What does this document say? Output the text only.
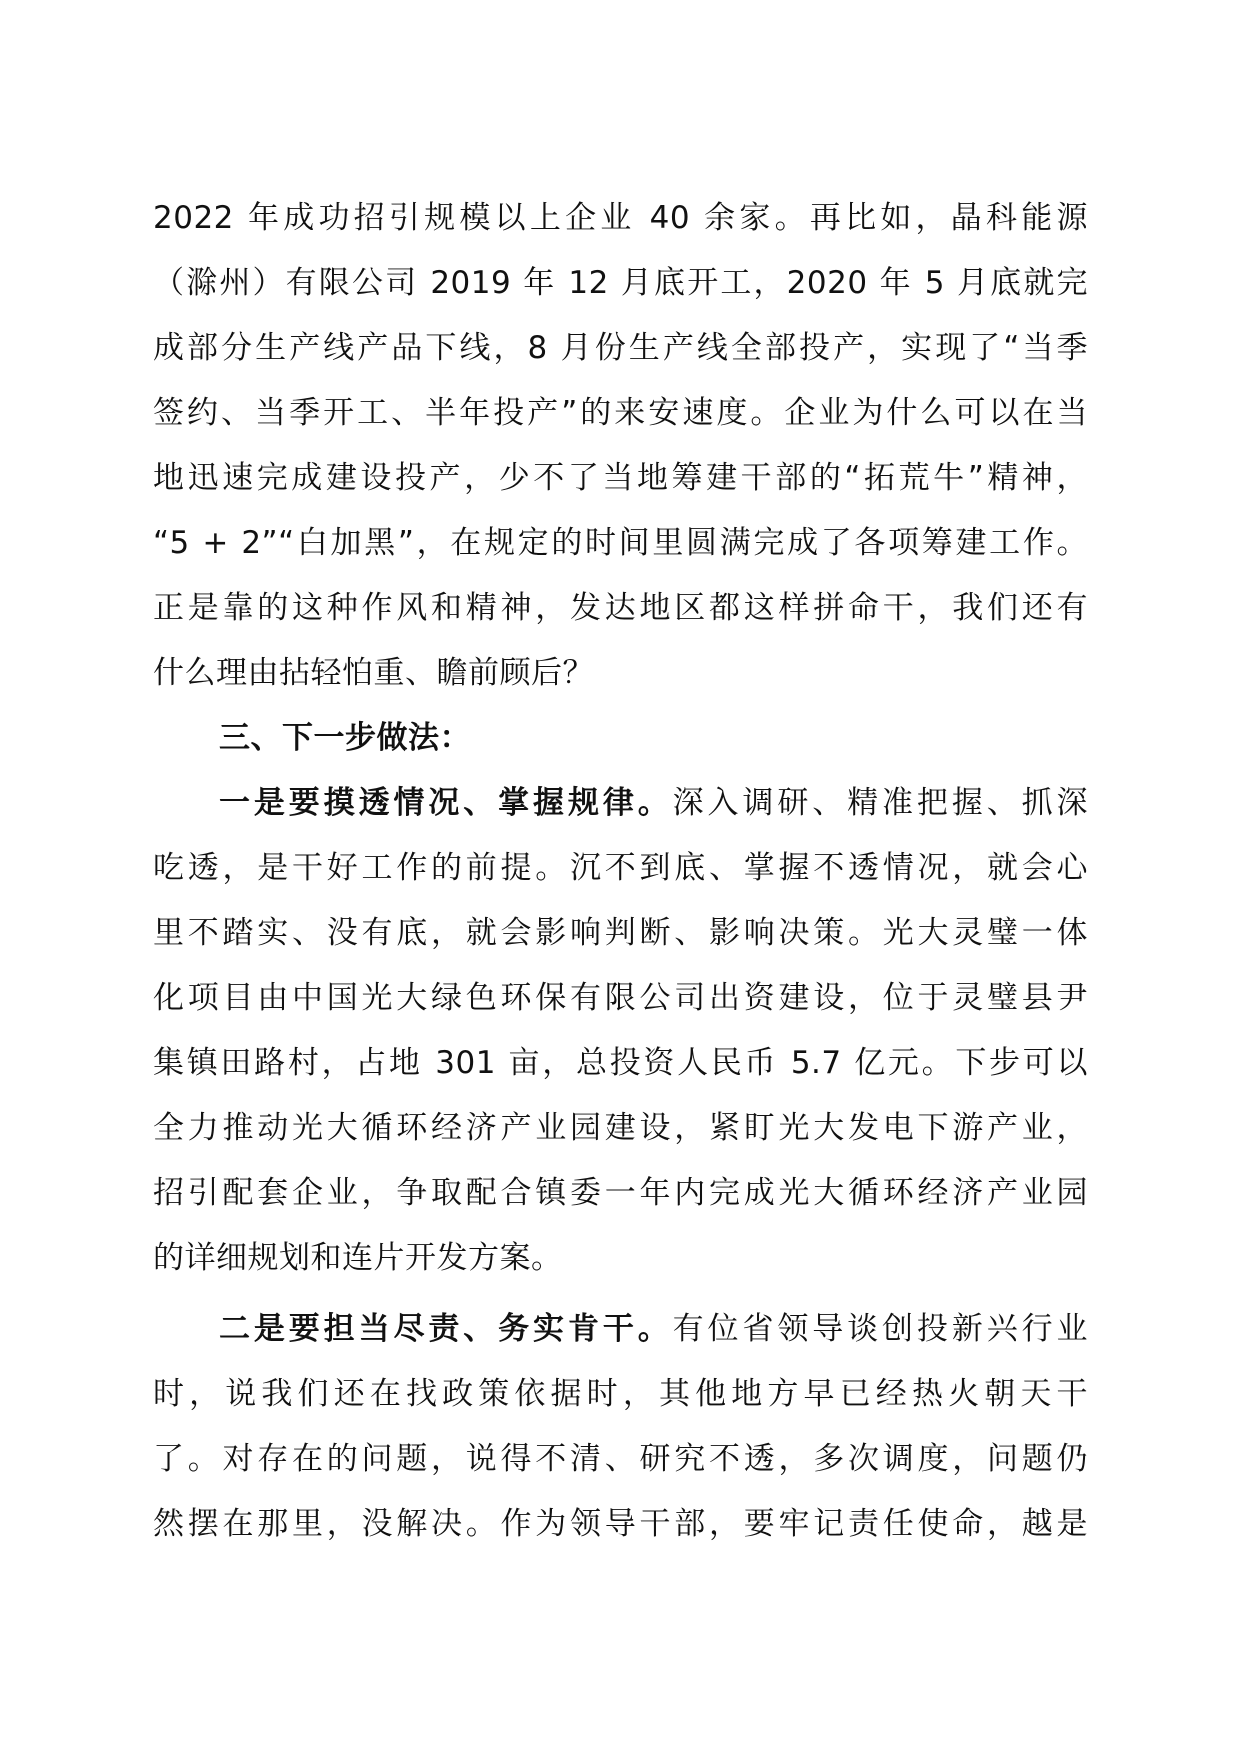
2022 年成功招引规模以上企业 40 余家。再比如，晶科能源
（滁州）有限公司 2019 年 12 月底开工，2020 年 5 月底就完
成部分生产线产品下线，8 月份生产线全部投产，实现了“当季
签约、当季开工、半年投产”的来安速度。企业为什么可以在当
地迅速完成建设投产，少不了当地筹建干部的“拓荒牛”精神，
“5 + 2”“白加黑”，在规定的时间里圆满完成了各项筹建工作。
正是靠的这种作风和精神，发达地区都这样拼命干，我们还有
什么理由拈轻怕重、瞻前顾后？
三、下一步做法：
一是要摸透情况、掌握规律。深入调研、精准把握、抓深
吃透，是干好工作的前提。沉不到底、掌握不透情况，就会心
里不踏实、没有底，就会影响判断、影响决策。光大灵璧一体
化项目由中国光大绿色环保有限公司出资建设，位于灵璧县尹
集镇田路村，占地 301 亩，总投资人民币 5.7 亿元。下步可以
全力推动光大循环经济产业园建设，紧盯光大发电下游产业，
招引配套企业，争取配合镇委一年内完成光大循环经济产业园
的详细规划和连片开发方案。
二是要担当尽责、务实肯干。有位省领导谈创投新兴行业
时，说我们还在找政策依据时，其他地方早已经热火朝天干
了。对存在的问题，说得不清、研究不透，多次调度，问题仍
然摆在那里，没解决。作为领导干部，要牢记责任使命，越是
